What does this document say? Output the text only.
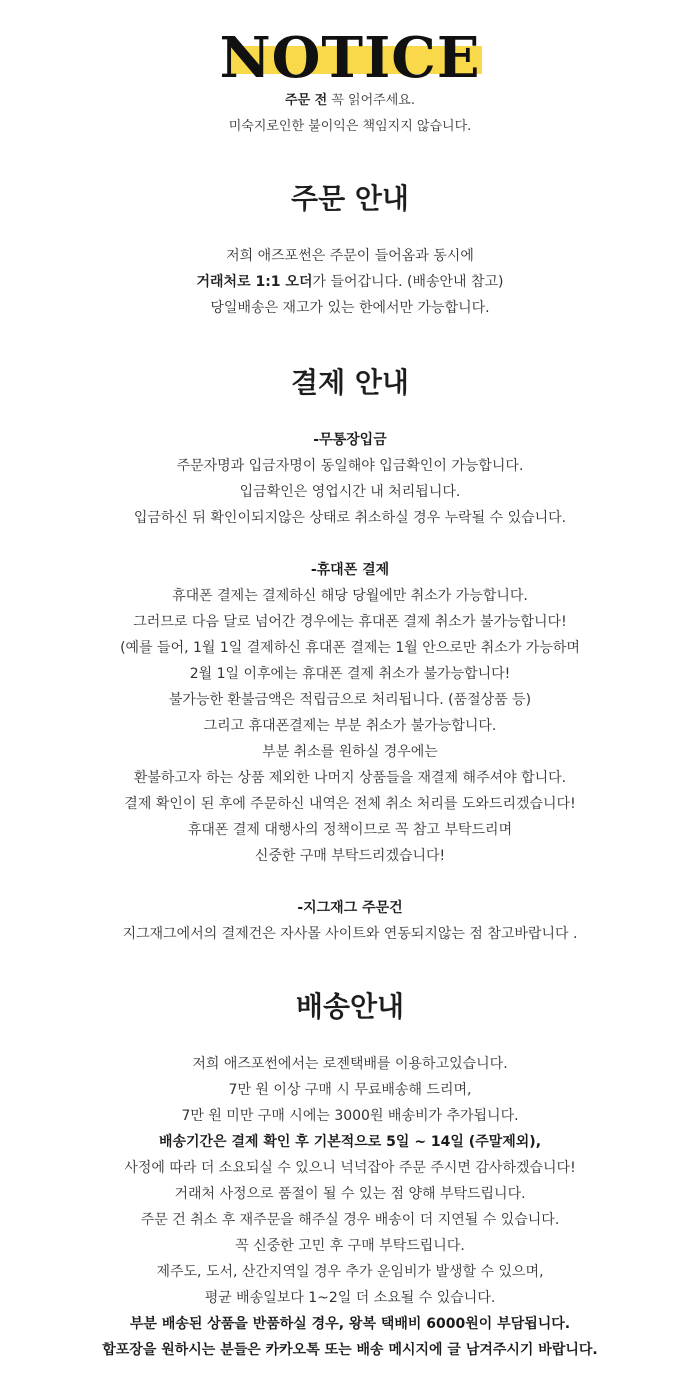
NOTICE
주문 전 꼭 읽어주세요.
미숙지로인한 불이익은 책임지지 않습니다.
주문 안내
저희 애즈포썬은 주문이 들어옴과 동시에
거래처로 1:1 오더가 들어갑니다. (배송안내 참고)
당일배송은 재고가 있는 한에서만 가능합니다.
결제 안내
-무통장입금
주문자명과 입금자명이 동일해야 입금확인이 가능합니다.
입금확인은 영업시간 내 처리됩니다.
입금하신 뒤 확인이되지않은 상태로 취소하실 경우 누락될 수 있습니다.
-휴대폰 결제
휴대폰 결제는 결제하신 해당 당월에만 취소가 가능합니다.
그러므로 다음 달로 넘어간 경우에는 휴대폰 결제 취소가 불가능합니다!
(예를 들어, 1월 1일 결제하신 휴대폰 결제는 1월 안으로만 취소가 가능하며
2월 1일 이후에는 휴대폰 결제 취소가 불가능합니다!
불가능한 환불금액은 적립금으로 처리됩니다. (품절상품 등)
그리고 휴대폰결제는 부분 취소가 불가능합니다.
부분 취소를 원하실 경우에는
환불하고자 하는 상품 제외한 나머지 상품들을 재결제 해주셔야 합니다.
결제 확인이 된 후에 주문하신 내역은 전체 취소 처리를 도와드리겠습니다!
휴대폰 결제 대행사의 정책이므로 꼭 참고 부탁드리며
신중한 구매 부탁드리겠습니다!
-지그재그 주문건
지그재그에서의 결제건은 자사몰 사이트와 연동되지않는 점 참고바랍니다 .
배송안내
저희 애즈포썬에서는 로젠택배를 이용하고있습니다.
7만 원 이상 구매 시 무료배송해 드리며,
7만 원 미만 구매 시에는 3000원 배송비가 추가됩니다.
배송기간은 결제 확인 후 기본적으로 5일 ~ 14일 (주말제외),
사정에 따라 더 소요되실 수 있으니 넉넉잡아 주문 주시면 감사하겠습니다!
거래처 사정으로 품절이 될 수 있는 점 양해 부탁드립니다.
주문 건 취소 후 재주문을 해주실 경우 배송이 더 지연될 수 있습니다.
꼭 신중한 고민 후 구매 부탁드립니다.
제주도, 도서, 산간지역일 경우 추가 운임비가 발생할 수 있으며,
평균 배송일보다 1~2일 더 소요될 수 있습니다.
부분 배송된 상품을 반품하실 경우, 왕복 택배비 6000원이 부담됩니다.
합포장을 원하시는 분들은 카카오톡 또는 배송 메시지에 글 남겨주시기 바랍니다.
